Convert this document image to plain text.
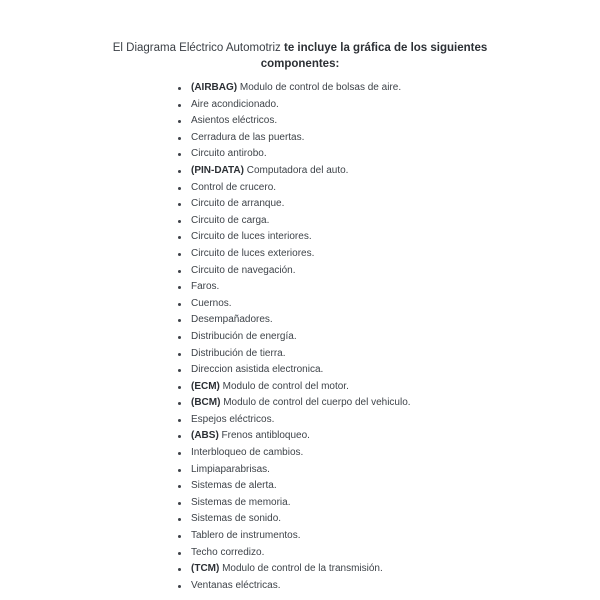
El Diagrama Eléctrico Automotriz te incluye la gráfica de los siguientes
componentes:
(AIRBAG) Modulo de control de bolsas de aire.
Aire acondicionado.
Asientos eléctricos.
Cerradura de las puertas.
Circuito antirobo.
(PIN-DATA) Computadora del auto.
Control de crucero.
Circuito de arranque.
Circuito de carga.
Circuito de luces interiores.
Circuito de luces exteriores.
Circuito de navegación.
Faros.
Cuernos.
Desempañadores.
Distribución de energía.
Distribución de tierra.
Direccion asistida electronica.
(ECM) Modulo de control del motor.
(BCM) Modulo de control del cuerpo del vehiculo.
Espejos eléctricos.
(ABS) Frenos antibloqueo.
Interbloqueo de cambios.
Limpiaparabrisas.
Sistemas de alerta.
Sistemas de memoria.
Sistemas de sonido.
Tablero de instrumentos.
Techo corredizo.
(TCM) Modulo de control de la transmisión.
Ventanas eléctricas.
